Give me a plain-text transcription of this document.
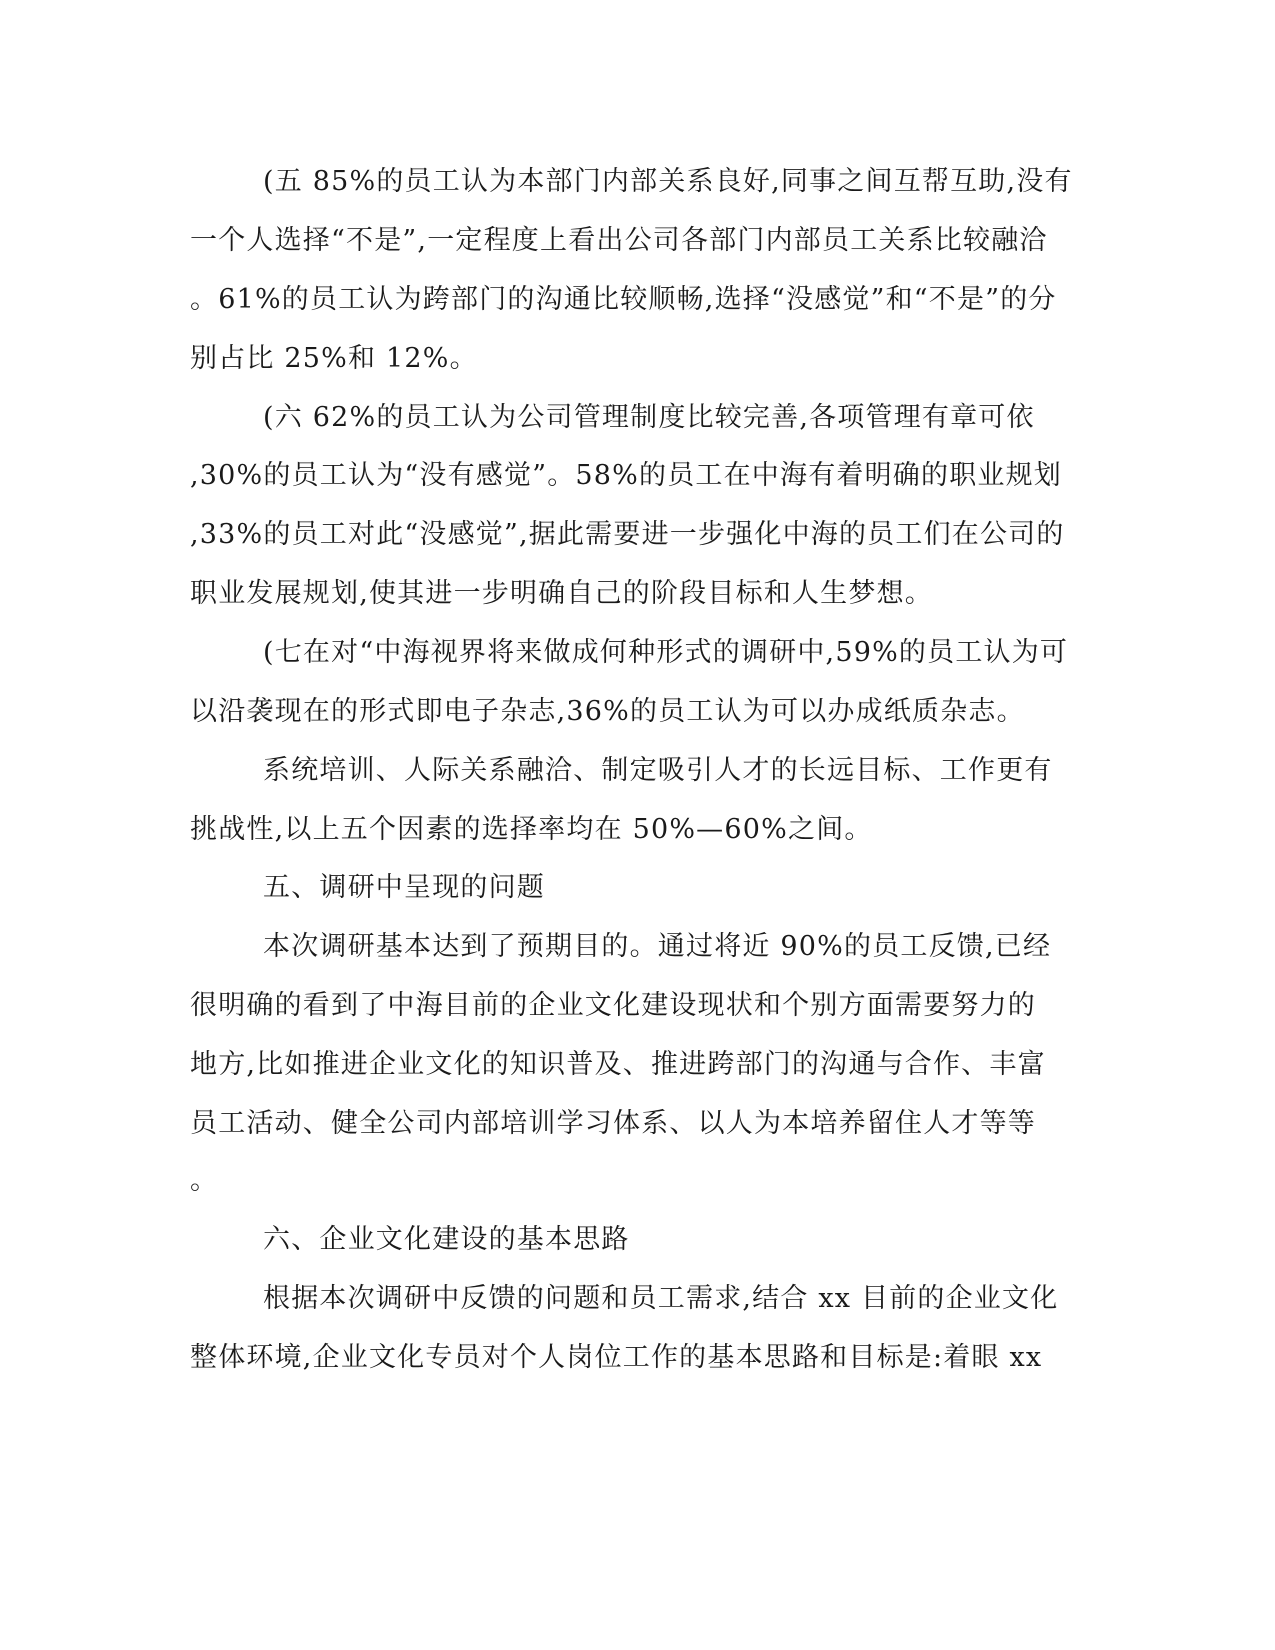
(五 85%的员工认为本部门内部关系良好,同事之间互帮互助,没有
一个人选择“不是”,一定程度上看出公司各部门内部员工关系比较融洽
。61%的员工认为跨部门的沟通比较顺畅,选择“没感觉”和“不是”的分
别占比 25%和 12%。
(六 62%的员工认为公司管理制度比较完善,各项管理有章可依
,30%的员工认为“没有感觉”。58%的员工在中海有着明确的职业规划
,33%的员工对此“没感觉”,据此需要进一步强化中海的员工们在公司的
职业发展规划,使其进一步明确自己的阶段目标和人生梦想。
(七在对“中海视界将来做成何种形式的调研中,59%的员工认为可
以沿袭现在的形式即电子杂志,36%的员工认为可以办成纸质杂志。
系统培训、人际关系融洽、制定吸引人才的长远目标、工作更有
挑战性,以上五个因素的选择率均在 50%—60%之间。
五、调研中呈现的问题
本次调研基本达到了预期目的。通过将近 90%的员工反馈,已经
很明确的看到了中海目前的企业文化建设现状和个别方面需要努力的
地方,比如推进企业文化的知识普及、推进跨部门的沟通与合作、丰富
员工活动、健全公司内部培训学习体系、以人为本培养留住人才等等
。
六、企业文化建设的基本思路
根据本次调研中反馈的问题和员工需求,结合 xx 目前的企业文化
整体环境,企业文化专员对个人岗位工作的基本思路和目标是:着眼 xx
